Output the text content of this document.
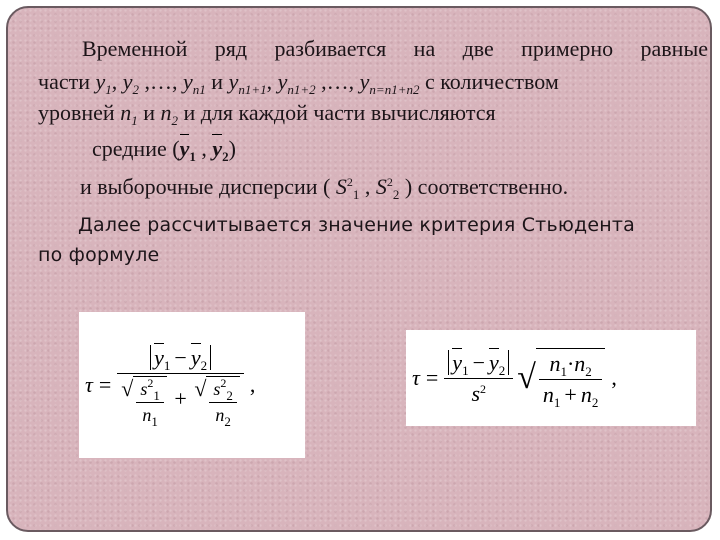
Временной ряд разбивается на две примерно равные
части $y_1$, $y_2$ ,…, $y_{n1}$ и $y_{n1+1}$, $y_{n1+2}$ ,…, $y_{n=n1+n2}$ с количеством
уровней $n_1$ и $n_2$ и для каждой части вычисляются
средние ($y_1$ , $y_2$)
и выборочные дисперсии ( $S^2_1$ , $S^2_2$ ) соответственно.
Далее рассчитывается значение критерия Стьюдента
по формуле
τ =
$y_1 - y_2$
√ $\frac{s^2_1}{n_1}$ + √ $\frac{s^2_2}{n_2}$ ,	$\tau = \frac{y_1 - y_2}{s^2}$ √ $\frac{n_1\cdot n_2}{n_1 + n_2}$ ,
